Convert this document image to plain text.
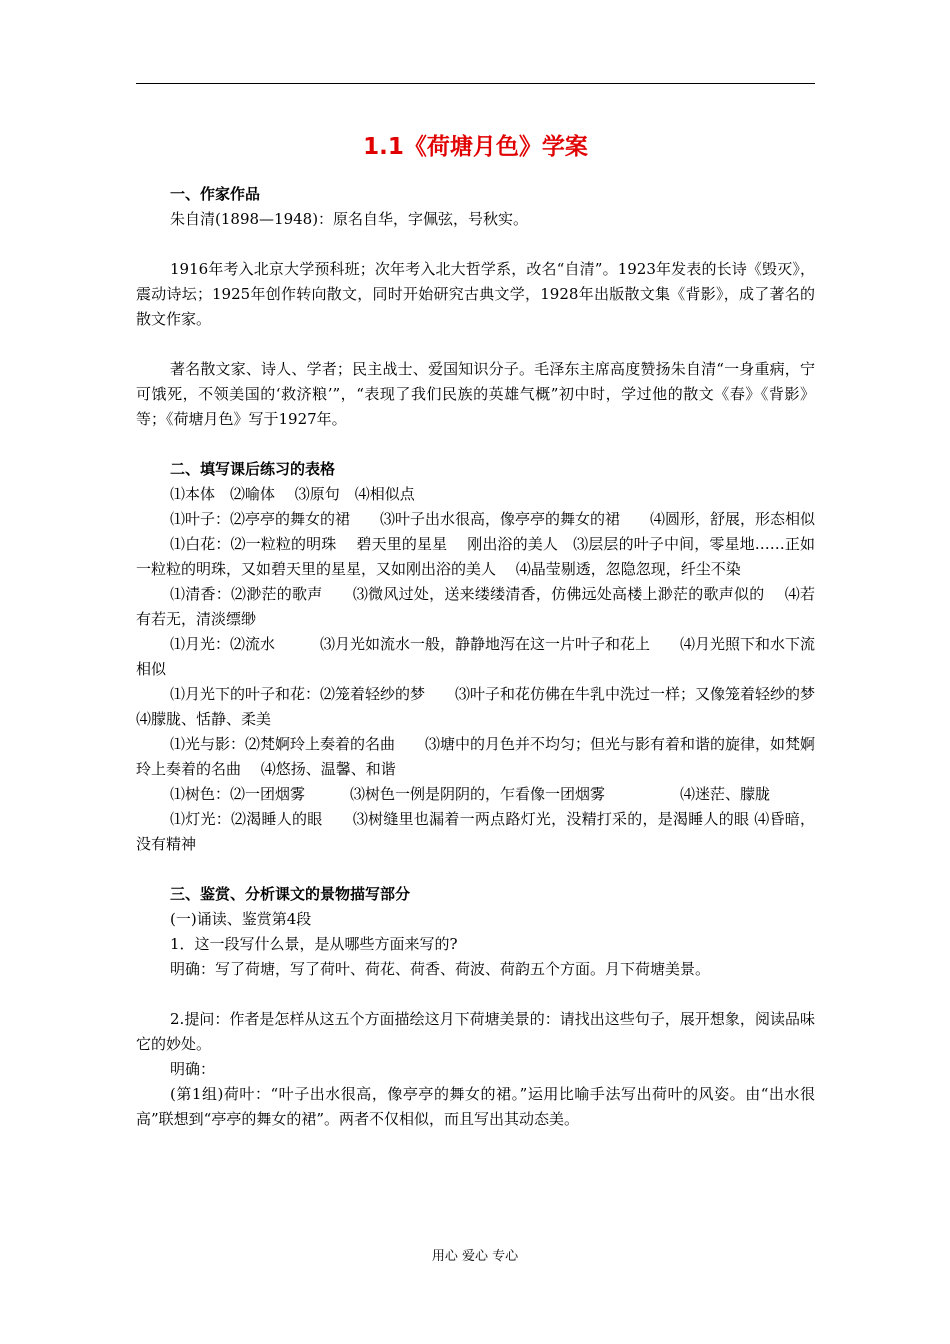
1.1《荷塘月色》学案
一、作家作品

朱自清(1898—1948)：原名自华，字佩弦，号秋实。

1916年考入北京大学预科班；次年考入北大哲学系，改名“自清”。1923年发表的长诗《毁灭》，震动诗坛；1925年创作转向散文，同时开始研究古典文学，1928年出版散文集《背影》，成了著名的散文作家。

著名散文家、诗人、学者；民主战士、爱国知识分子。毛泽东主席高度赞扬朱自清“一身重病，宁可饿死，不领美国的‘救济粮’”，“表现了我们民族的英雄气概”初中时，学过他的散文《春》《背影》等；《荷塘月色》写于1927年。

二、填写课后练习的表格

⑴本体　⑵喻体　 ⑶原句　⑷相似点

⑴叶子：⑵亭亭的舞女的裙　　⑶叶子出水很高，像亭亭的舞女的裙　　⑷圆形，舒展，形态相似

⑴白花：⑵一粒粒的明珠　 碧天里的星星　 刚出浴的美人　⑶层层的叶子中间，零星地……正如一粒粒的明珠，又如碧天里的星星，又如刚出浴的美人　 ⑷晶莹剔透，忽隐忽现，纤尘不染

⑴清香：⑵渺茫的歌声　　⑶微风过处，送来缕缕清香，仿佛远处高楼上渺茫的歌声似的　 ⑷若有若无，清淡缥缈

⑴月光：⑵流水　　　⑶月光如流水一般，静静地泻在这一片叶子和花上　　⑷月光照下和水下流相似

⑴月光下的叶子和花：⑵笼着轻纱的梦　　⑶叶子和花仿佛在牛乳中洗过一样；又像笼着轻纱的梦　 ⑷朦胧、恬静、柔美

⑴光与影：⑵梵婀玲上奏着的名曲　　⑶塘中的月色并不均匀；但光与影有着和谐的旋律，如梵婀玲上奏着的名曲　 ⑷悠扬、温馨、和谐

⑴树色：⑵一团烟雾　　　⑶树色一例是阴阴的，乍看像一团烟雾　　　　　⑷迷茫、朦胧

⑴灯光：⑵渴睡人的眼　　⑶树缝里也漏着一两点路灯光，没精打采的，是渴睡人的眼 ⑷昏暗，没有精神

三、鉴赏、分析课文的景物描写部分

(一)诵读、鉴赏第4段

1．这一段写什么景，是从哪些方面来写的?

明确：写了荷塘，写了荷叶、荷花、荷香、荷波、荷韵五个方面。月下荷塘美景。

2.提问：作者是怎样从这五个方面描绘这月下荷塘美景的：请找出这些句子，展开想象，阅读品味它的妙处。

明确：

(第1组)荷叶：“叶子出水很高，像亭亭的舞女的裙。”运用比喻手法写出荷叶的风姿。由“出水很高”联想到“亭亭的舞女的裙”。两者不仅相似，而且写出其动态美。

用心 爱心 专心
